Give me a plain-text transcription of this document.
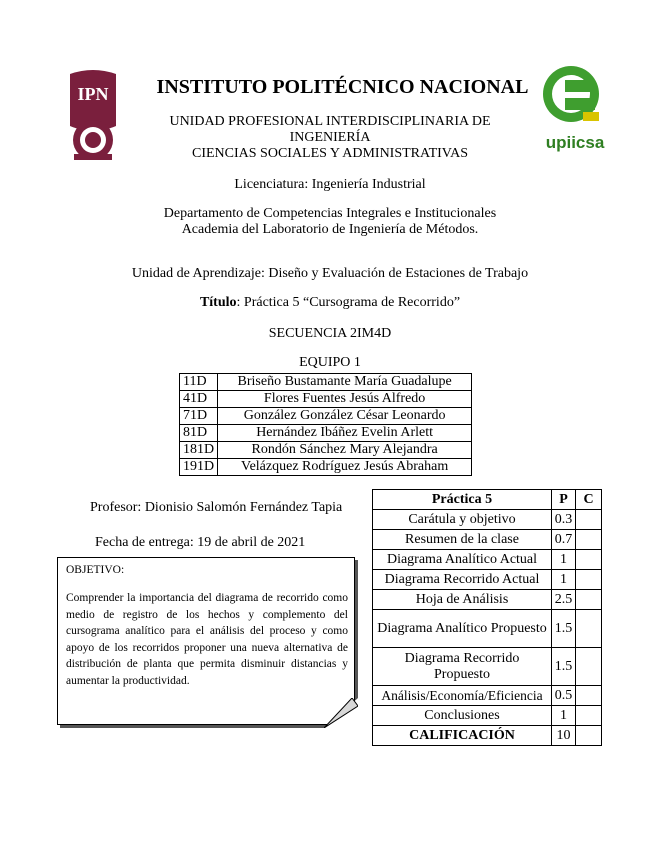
IPN
upiicsa
INSTITUTO POLITÉCNICO NACIONAL
UNIDAD PROFESIONAL INTERDISCIPLINARIA DE
INGENIERÍA
CIENCIAS SOCIALES Y ADMINISTRATIVAS
Licenciatura: Ingeniería Industrial
Departamento de Competencias Integrales e Institucionales
Academia del Laboratorio de Ingeniería de Métodos.
Unidad de Aprendizaje: Diseño y Evaluación de Estaciones de Trabajo
Título: Práctica 5 “Cursograma de Recorrido”
SECUENCIA 2IM4D
EQUIPO 1
11D	Briseño Bustamante María Guadalupe
41D	Flores Fuentes Jesús Alfredo
71D	González González César Leonardo
81D	Hernández Ibáñez Evelin Arlett
181D	Rondón Sánchez Mary Alejandra
191D	Velázquez Rodríguez Jesús Abraham
Profesor: Dionisio Salomón Fernández Tapia
Fecha de entrega: 19 de abril de 2021
OBJETIVO:
Comprender la importancia del diagrama de recorrido como medio de registro de los hechos y complemento del cursograma analítico para el análisis del proceso y como apoyo de los recorridos proponer una nueva alternativa de distribución de planta que permita disminuir distancias y aumentar la productividad.
Práctica 5	P	C
Carátula y objetivo	0.3	
Resumen de la clase	0.7	
Diagrama Analítico Actual	1	
Diagrama Recorrido Actual	1	
Hoja de Análisis	2.5	
Diagrama Analítico Propuesto	1.5	
Diagrama Recorrido Propuesto	1.5	
Análisis/Economía/Eficiencia	0.5	
Conclusiones	1	
CALIFICACIÓN	10	
